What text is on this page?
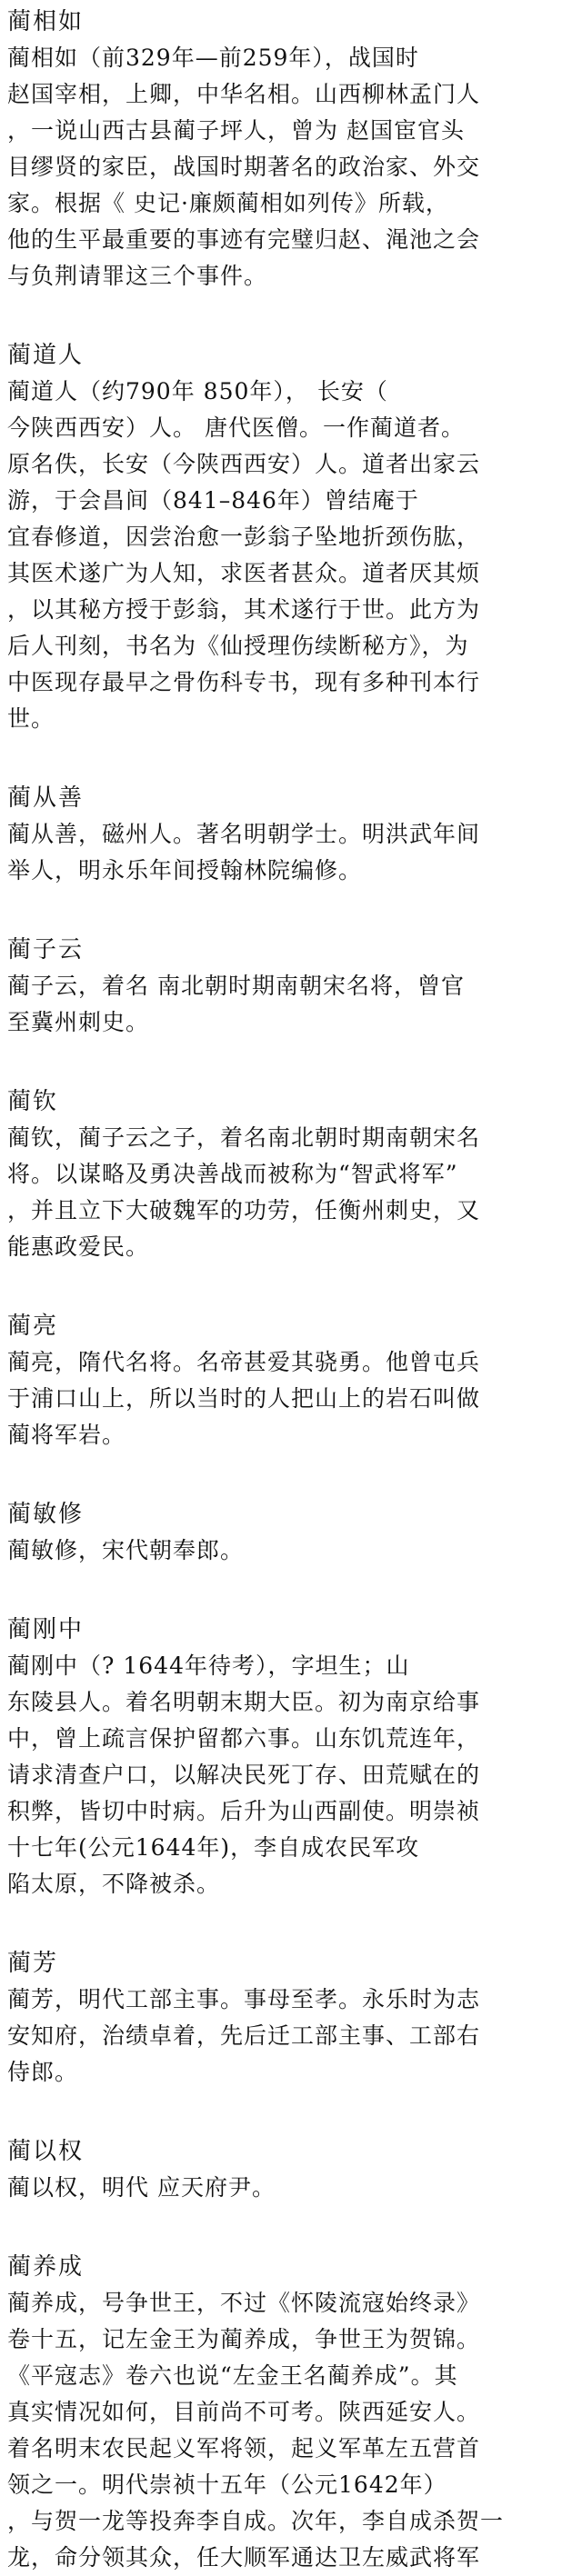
蔺相如
蔺相如（前329年—前259年），战国时
赵国宰相，上卿，中华名相。山西柳林孟门人
，一说山西古县蔺子坪人，曾为 赵国宦官头
目缪贤的家臣，战国时期著名的政治家、外交
家。根据《 史记·廉颇蔺相如列传》所载，
他的生平最重要的事迹有完璧归赵、渑池之会
与负荆请罪这三个事件。
蔺道人
蔺道人（约790年 850年）， 长安（
今陕西西安）人。 唐代医僧。一作蔺道者。
原名佚，长安（今陕西西安）人。道者出家云
游，于会昌间（841–846年）曾结庵于
宜春修道，因尝治愈一彭翁子坠地折颈伤肱，
其医术遂广为人知，求医者甚众。道者厌其烦
，以其秘方授于彭翁，其术遂行于世。此方为
后人刊刻，书名为《仙授理伤续断秘方》，为
中医现存最早之骨伤科专书，现有多种刊本行
世。
蔺从善
蔺从善，磁州人。著名明朝学士。明洪武年间
举人，明永乐年间授翰林院编修。
蔺子云
蔺子云，着名 南北朝时期南朝宋名将，曾官
至冀州刺史。
蔺钦
蔺钦，蔺子云之子，着名南北朝时期南朝宋名
将。以谋略及勇决善战而被称为“智武将军”
，并且立下大破魏军的功劳，任衡州刺史，又
能惠政爱民。
蔺亮
蔺亮，隋代名将。名帝甚爱其骁勇。他曾屯兵
于浦口山上，所以当时的人把山上的岩石叫做
蔺将军岩。
蔺敏修
蔺敏修，宋代朝奉郎。
蔺刚中
蔺刚中（? 1644年待考），字坦生；山
东陵县人。着名明朝末期大臣。初为南京给事
中，曾上疏言保护留都六事。山东饥荒连年，
请求清查户口，以解决民死丁存、田荒赋在的
积弊，皆切中时病。后升为山西副使。明崇祯
十七年(公元1644年)，李自成农民军攻
陷太原，不降被杀。
蔺芳
蔺芳，明代工部主事。事母至孝。永乐时为志
安知府，治绩卓着，先后迁工部主事、工部右
侍郎。
蔺以权
蔺以权，明代 应天府尹。
蔺养成
蔺养成，号争世王，不过《怀陵流寇始终录》
卷十五，记左金王为蔺养成，争世王为贺锦。
《平寇志》卷六也说“左金王名蔺养成”。其
真实情况如何，目前尚不可考。陕西延安人。
着名明末农民起义军将领，起义军革左五营首
领之一。明代崇祯十五年（公元1642年）
，与贺一龙等投奔李自成。次年，李自成杀贺一
龙，命分领其众，任大顺军通达卫左威武将军
